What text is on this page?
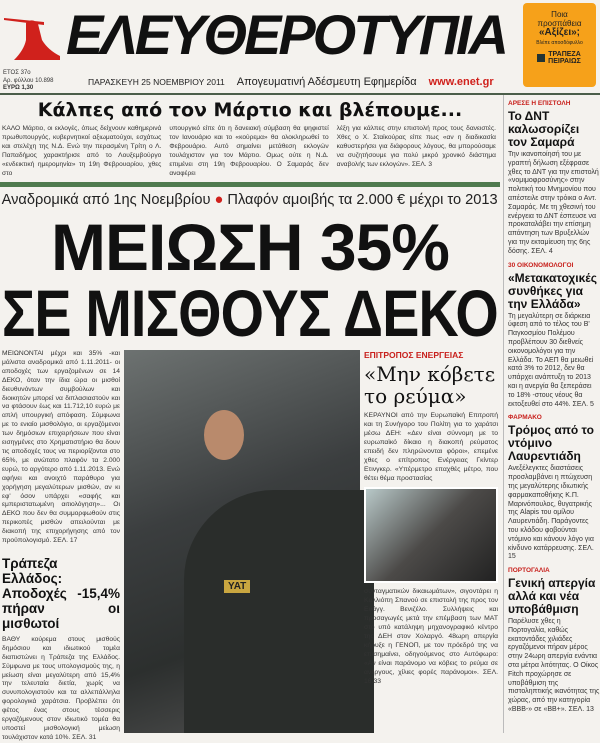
ΕΛΕΥΘΕΡΟΤΥΠΙΑ
ΕΤΟΣ 37ο
Αρ. φύλλου 10.898
ΕΥΡΩ 1,30
ΠΑΡΑΣΚΕΥΗ 25 ΝΟΕΜΒΡΙΟΥ 2011 Απογευματινή Αδέσμευτη Εφημερίδα www.enet.gr
Ποια
προσπάθεια
«Αξίζει»;
Βλέπε αποσδόφυλλο
ΤΡΑΠΕΖΑ ΠΕΙΡΑΙΩΣ
Κάλπες από τον Μάρτιο και βλέπουμε...

ΚΑΛΟ Μάρτιο, οι εκλογές, όπως δείχνουν καθημερινά πρωθυπουργός, κυβερνητικοί αξιωματούχοι, εσχάτως και στελέχη της Ν.Δ. Ενώ την περασμένη Τρίτη ο Λ. Παπαδήμος χαρακτήρισε από το Λουξεμβούργο «ενδεικτική ημερομηνία» τη 19η Φεβρουαρίου, χθες στο

υπουργικό είπε ότι η δανειακή σύμβαση θα ψηφιστεί τον Ιανουάριο και το «κούρεμα» θα ολοκληρωθεί το Φεβρουάριο. Αυτό σημαίνει μετάθεση εκλογών τουλάχιστον για τον Μάρτιο. Ομως ούτε η Ν.Δ. επιμένει στη 19η Φεβρουαρίου. Ο Σαμαράς δεν αναφέρει

λέξη για κάλπες στην επιστολή προς τους δανειστές. Χθες ο Χ. Σταϊκούρας είπε πως «αν η διαδικασία καθυστερήσει για διάφορους λόγους, θα μπορούσαμε να συζητήσουμε για πολύ μικρό χρονικό διάστημα αναβολής των εκλογών». ΣΕΛ. 3

Αναδρομικά από 1ης Νοεμβρίου ● Πλαφόν αμοιβής τα 2.000 € μέχρι το 2013
ΜΕΙΩΣΗ 35%
ΣΕ ΜΙΣΘΟΥΣ ΔΕΚΟ

ΜΕΙΩΝΟΝΤΑΙ μέχρι και 35% -και μάλιστα αναδρομικά από 1.11.2011- οι αποδοχές των εργαζομένων σε 14 ΔΕΚΟ, όταν την ίδια ώρα οι μισθοί διευθυνόντων συμβούλων και διοικητών μπορεί να διπλασιαστούν και να φτάσουν έως και 11.712,10 ευρώ με απλή υπουργική απόφαση. Σύμφωνα με το ενιαίο μισθολόγιο, οι εργαζόμενοι των δημόσιων επιχειρήσεων που είναι εισηγμένες στο Χρηματιστήριο θα δουν τις αποδοχές τους να περιορίζονται στο 65%, με ανώτατο πλαφόν τα 2.000 ευρώ, το αργότερο από 1.11.2013. Ενώ αφήνει και ανοιχτό παράθυρο για χορήγηση μεγαλύτερων μισθών, αν κι εφ' όσον υπάρχει «σαφής και εμπεριστατωμένη αιτιολόγηση»... Οι ΔΕΚΟ που δεν θα συμμορφωθούν στις περικοπές μισθών απειλούνται με διακοπή της επιχορήγησης από τον προϋπολογισμό. ΣΕΛ. 17

Τράπεζα Ελλάδος: Αποδοχές -15,4% πήραν οι μισθωτοί

ΒΑΘΥ κούρεμα στους μισθούς δημόσιου και ιδιωτικού τομέα διαπιστώνει η Τράπεζα της Ελλάδος. Σύμφωνα με τους υπολογισμούς της, η μείωση είναι μεγαλύτερη από 15,4% την τελευταία διετία, χωρίς να συνυπολογιστούν και τα αλλεπάλληλα φορολογικά χαράτσια. Προβλέπει ότι φέτος ένας στους τέσσερις εργαζόμενους στον ιδιωτικό τομέα θα υποστεί μισθολογική μείωση τουλάχιστον κατά 10%. ΣΕΛ. 31

ΥΑΤ
ΕΠΙΤΡΟΠΟΣ ΕΝΕΡΓΕΙΑΣ
«Μην κόβετε το ρεύμα»

ΚΕΡΑΥΝΟΙ από την Ευρωπαϊκή Επιτροπή και τη Συνήγορο του Πολίτη για το χαράτσι μέσω ΔΕΗ: «Δεν είναι σύννομη με το ευρωπαϊκό δίκαιο η διακοπή ρεύματος επειδή δεν πληρώνονται φόροι», επεμένε χθες ο επίτροπος Ενέργειας Γκίντερ Ετινγκερ. «Υπέρμετρο επαχθές μέτρο, που θέτει θέμα προστασίας

συνταγματικών δικαιωμάτων», σιγοντάρει η Καλλιόπη Σπανού σε επιστολή της προς τον Ευάγγ. Βενιζέλο. Συλλήψεις και προσαγωγές μετά την επέμβαση των ΜΑΤ στο υπό κατάληψη μηχανογραφικό κέντρο της ΔΕΗ στον Χολαργό. 48ωρη απεργία κήρυξε η ΓΕΝΟΠ, με τον πρόεδρό της να επισημαίνει, οδηγούμενος στο Αυτόφωρο: «Αν είναι παράνομο να κόβεις το ρεύμα σε ανέργους, χίλιες φορές παράνομοι». ΣΕΛ. 16,33

ΑΡΕΣΕ Η ΕΠΙΣΤΟΛΗ
Το ΔΝΤ καλωσορίζει τον Σαμαρά

Την ικανοποίησή του με γραπτή δήλωση εξέφρασε χθες το ΔΝΤ για την επιστολή «νομιμοφροσύνης» στην πολιτική του Μνημονίου που απέστειλε στην τρόικα ο Αντ. Σαμαράς. Με τη χθεσινή του ενέργεια το ΔΝΤ έσπευσε να προκαταλάβει την επίσημη απάντηση των Βρυξελλών για την εκταμίευση της 6ης δόσης. ΣΕΛ. 4

30 ΟΙΚΟΝΟΜΟΛΟΓΟΙ
«Μετακατοχικές συνθήκες για την Ελλάδα»

Τη μεγαλύτερη σε διάρκεια ύφεση από το τέλος του Β' Παγκοσμίου Πολέμου προβλέπουν 30 διεθνείς οικονομολόγοι για την Ελλάδα. Το ΑΕΠ θα μειωθεί κατά 3% το 2012, δεν θα υπάρχει ανάπτυξη το 2013 και η ανεργία θα ξεπεράσει το 18% -στους νέους θα εκτοξευθεί στο 44%. ΣΕΛ. 5

ΦΑΡΜΑΚΟ
Τρόμος από το ντόμινο Λαυρεντιάδη

Ανεξέλεγκτες διαστάσεις προσλαμβάνει η πτώχευση της μεγαλύτερης ιδιωτικής φαρμακαποθήκης Κ.Π. Μαρινόπουλος, θυγατρικής της Alapis του ομίλου Λαυρεντιάδη. Παράγοντες του κλάδου φοβούνται ντόμινο και κάνουν λόγο για κίνδυνο κατάρρευσης. ΣΕΛ. 15

ΠΟΡΤΟΓΑΛΙΑ
Γενική απεργία αλλά και νέα υποβάθμιση

Παρέλυσε χθες η Πορτογαλία, καθώς εκατοντάδες χιλιάδες εργαζόμενοι πήραν μέρος στην 24ωρη απεργία ενάντια στα μέτρα λιτότητας. Ο Οίκος Fitch προχώρησε σε υποβάθμιση της πιστοληπτικής ικανότητας της χώρας, από την κατηγορία «BBB-» σε «BB+». ΣΕΛ. 13
